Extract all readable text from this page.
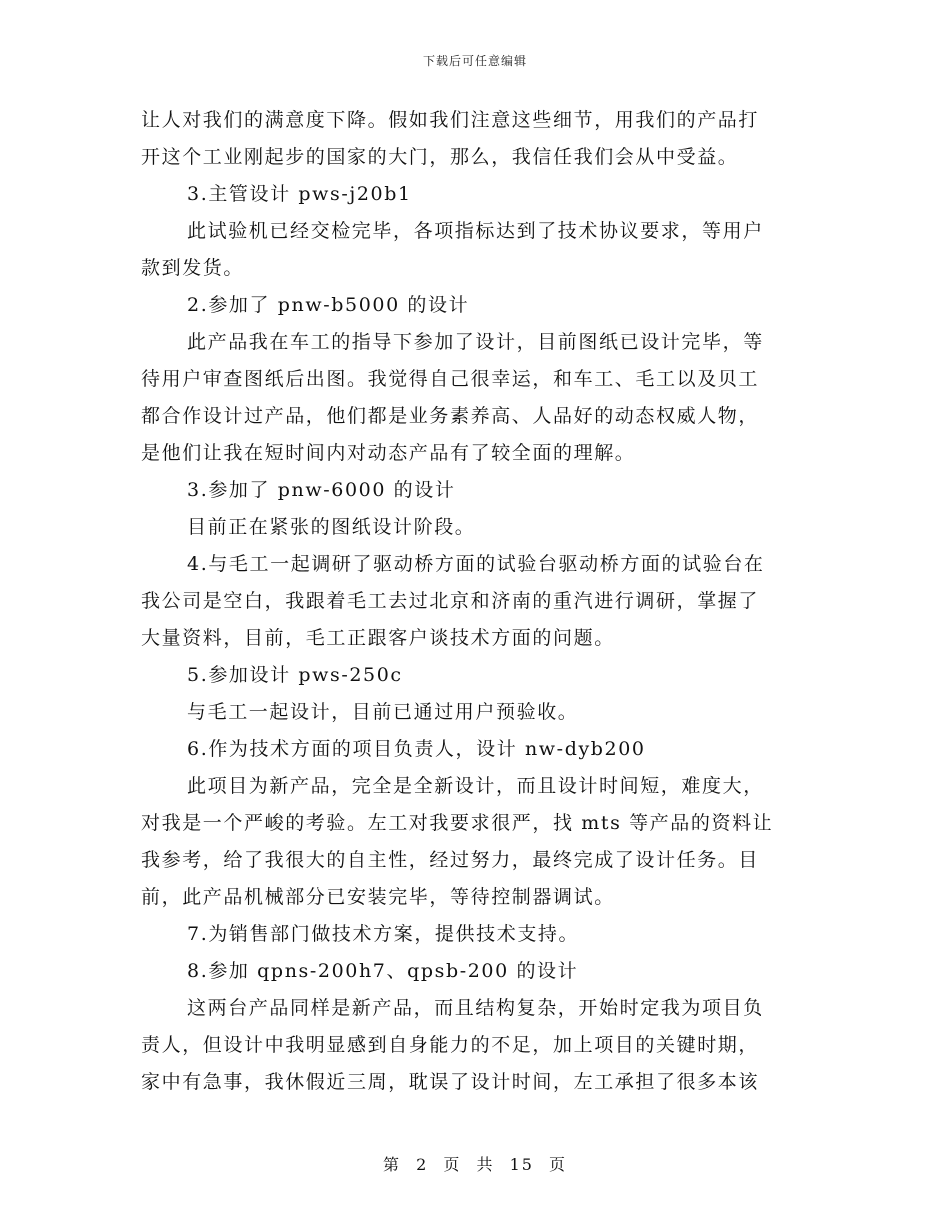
下载后可任意编辑
让人对我们的满意度下降。假如我们注意这些细节，用我们的产品打
开这个工业刚起步的国家的大门，那么，我信任我们会从中受益。
3.主管设计 pws-j20b1
此试验机已经交检完毕，各项指标达到了技术协议要求，等用户
款到发货。
2.参加了 pnw-b5000 的设计
此产品我在车工的指导下参加了设计，目前图纸已设计完毕，等
待用户审查图纸后出图。我觉得自己很幸运，和车工、毛工以及贝工
都合作设计过产品，他们都是业务素养高、人品好的动态权威人物，
是他们让我在短时间内对动态产品有了较全面的理解。
3.参加了 pnw-6000 的设计
目前正在紧张的图纸设计阶段。
4.与毛工一起调研了驱动桥方面的试验台驱动桥方面的试验台在
我公司是空白，我跟着毛工去过北京和济南的重汽进行调研，掌握了
大量资料，目前，毛工正跟客户谈技术方面的问题。
5.参加设计 pws-250c
与毛工一起设计，目前已通过用户预验收。
6.作为技术方面的项目负责人，设计 nw-dyb200
此项目为新产品，完全是全新设计，而且设计时间短，难度大，
对我是一个严峻的考验。左工对我要求很严，找 mts 等产品的资料让
我参考，给了我很大的自主性，经过努力，最终完成了设计任务。目
前，此产品机械部分已安装完毕，等待控制器调试。
7.为销售部门做技术方案，提供技术支持。
8.参加 qpns-200h7、qpsb-200 的设计
这两台产品同样是新产品，而且结构复杂，开始时定我为项目负
责人，但设计中我明显感到自身能力的不足，加上项目的关键时期，
家中有急事，我休假近三周，耽误了设计时间，左工承担了很多本该
第 2 页 共 15 页
